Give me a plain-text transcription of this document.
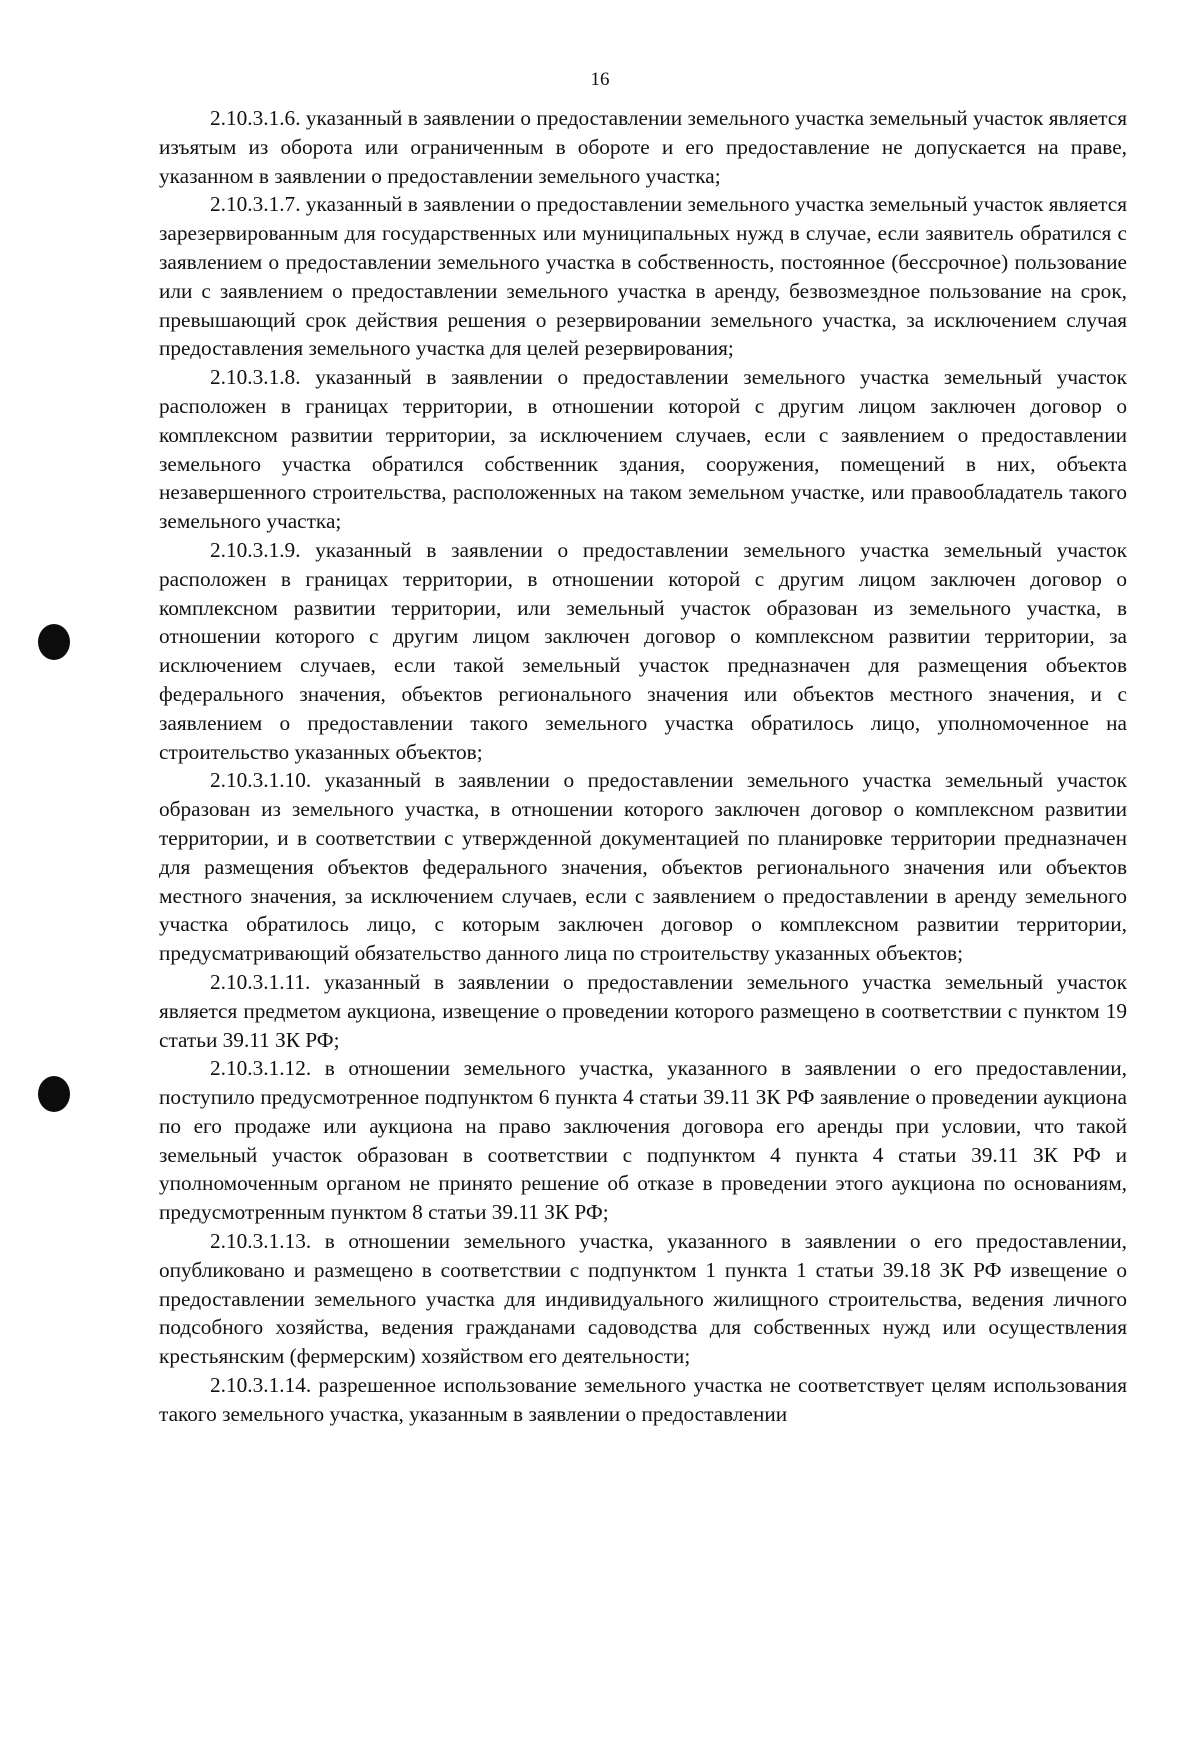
16

2.10.3.1.6. указанный в заявлении о предоставлении земельного участка земельный участок является изъятым из оборота или ограниченным в обороте и его предоставление не допускается на праве, указанном в заявлении о предоставлении земельного участка;

2.10.3.1.7. указанный в заявлении о предоставлении земельного участка земельный участок является зарезервированным для государственных или муниципальных нужд в случае, если заявитель обратился с заявлением о предоставлении земельного участка в собственность, постоянное (бессрочное) пользование или с заявлением о предоставлении земельного участка в аренду, безвозмездное пользование на срок, превышающий срок действия решения о резервировании земельного участка, за исключением случая предоставления земельного участка для целей резервирования;

2.10.3.1.8. указанный в заявлении о предоставлении земельного участка земельный участок расположен в границах территории, в отношении которой с другим лицом заключен договор о комплексном развитии территории, за исключением случаев, если с заявлением о предоставлении земельного участка обратился собственник здания, сооружения, помещений в них, объекта незавершенного строительства, расположенных на таком земельном участке, или правообладатель такого земельного участка;

2.10.3.1.9. указанный в заявлении о предоставлении земельного участка земельный участок расположен в границах территории, в отношении которой с другим лицом заключен договор о комплексном развитии территории, или земельный участок образован из земельного участка, в отношении которого с другим лицом заключен договор о комплексном развитии территории, за исключением случаев, если такой земельный участок предназначен для размещения объектов федерального значения, объектов регионального значения или объектов местного значения, и с заявлением о предоставлении такого земельного участка обратилось лицо, уполномоченное на строительство указанных объектов;

2.10.3.1.10. указанный в заявлении о предоставлении земельного участка земельный участок образован из земельного участка, в отношении которого заключен договор о комплексном развитии территории, и в соответствии с утвержденной документацией по планировке территории предназначен для размещения объектов федерального значения, объектов регионального значения или объектов местного значения, за исключением случаев, если с заявлением о предоставлении в аренду земельного участка обратилось лицо, с которым заключен договор о комплексном развитии территории, предусматривающий обязательство данного лица по строительству указанных объектов;

2.10.3.1.11. указанный в заявлении о предоставлении земельного участка земельный участок является предметом аукциона, извещение о проведении которого размещено в соответствии с пунктом 19 статьи 39.11 ЗК РФ;

2.10.3.1.12. в отношении земельного участка, указанного в заявлении о его предоставлении, поступило предусмотренное подпунктом 6 пункта 4 статьи 39.11 ЗК РФ заявление о проведении аукциона по его продаже или аукциона на право заключения договора его аренды при условии, что такой земельный участок образован в соответствии с подпунктом 4 пункта 4 статьи 39.11 ЗК РФ и уполномоченным органом не принято решение об отказе в проведении этого аукциона по основаниям, предусмотренным пунктом 8 статьи 39.11 ЗК РФ;

2.10.3.1.13. в отношении земельного участка, указанного в заявлении о его предоставлении, опубликовано и размещено в соответствии с подпунктом 1 пункта 1 статьи 39.18 ЗК РФ извещение о предоставлении земельного участка для индивидуального жилищного строительства, ведения личного подсобного хозяйства, ведения гражданами садоводства для собственных нужд или осуществления крестьянским (фермерским) хозяйством его деятельности;

2.10.3.1.14. разрешенное использование земельного участка не соответствует целям использования такого земельного участка, указанным в заявлении о предоставлении
